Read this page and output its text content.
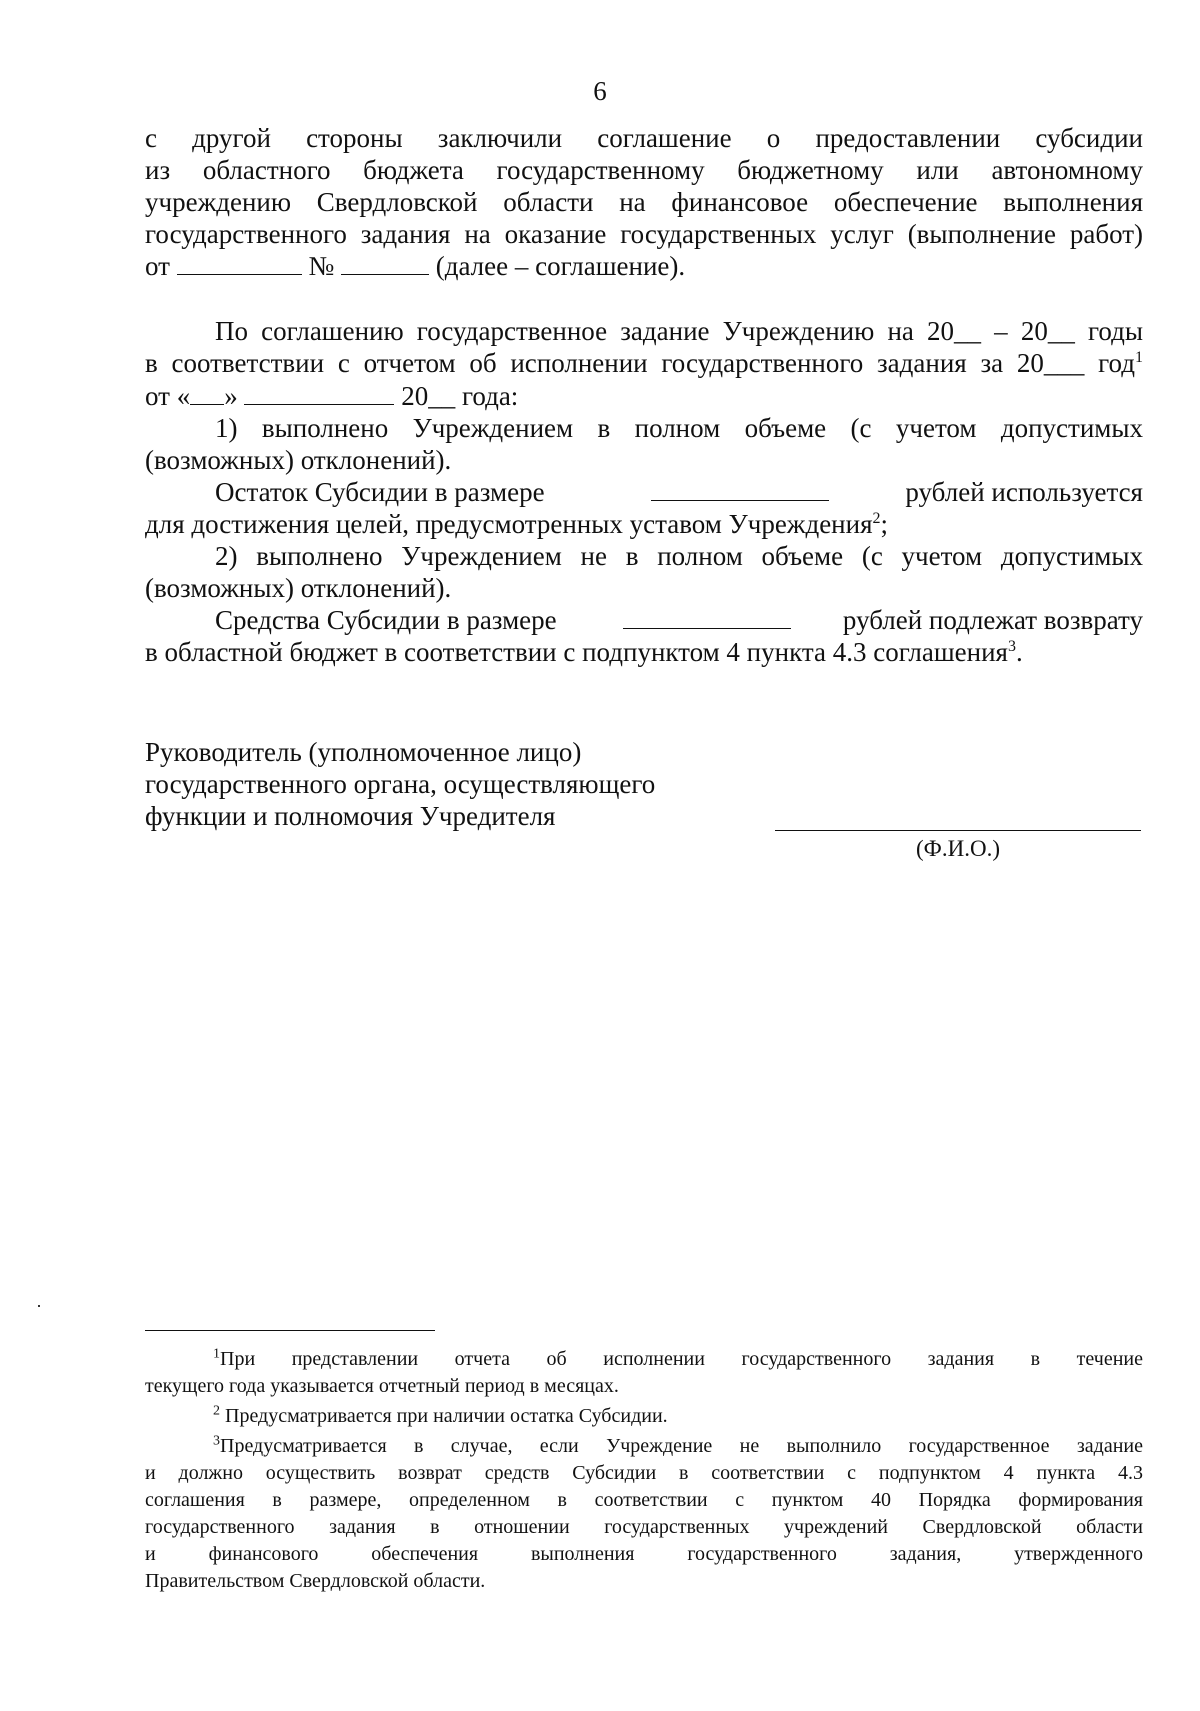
6
с другой стороны заключили соглашение о предоставлении субсидии
из областного бюджета государственному бюджетному или автономному
учреждению Свердловской области на финансовое обеспечение выполнения
государственного задания на оказание государственных услуг (выполнение работ)
от	№	(далее – соглашение).
По соглашению государственное задание Учреждению на 20__ – 20__ годы
в соответствии с отчетом об исполнении государственного задания за 20___ год$^1$
от « »	20__ года:
1) выполнено Учреждением в полном объеме (с учетом допустимых
(возможных) отклонений).
Остаток Субсидии в размере	рублей используется
для достижения целей, предусмотренных уставом Учреждения$^2$;
2) выполнено Учреждением не в полном объеме (с учетом допустимых
(возможных) отклонений).
Средства Субсидии в размере	рублей подлежат возврату
в областной бюджет в соответствии с подпунктом 4 пункта 4.3 соглашения$^3$.
Руководитель (уполномоченное лицо)
государственного органа, осуществляющего
функции и полномочия Учредителя
(Ф.И.О.)
$^1$При представлении отчета об исполнении государственного задания в течение
текущего года указывается отчетный период в месяцах.
$^2$ Предусматривается при наличии остатка Субсидии.
$^3$Предусматривается в случае, если Учреждение не выполнило государственное задание
и должно осуществить возврат средств Субсидии в соответствии с подпунктом 4 пункта 4.3
соглашения в размере, определенном в соответствии с пунктом 40 Порядка формирования
государственного задания в отношении государственных учреждений Свердловской области
и финансового обеспечения выполнения государственного задания, утвержденного
Правительством Свердловской области.
